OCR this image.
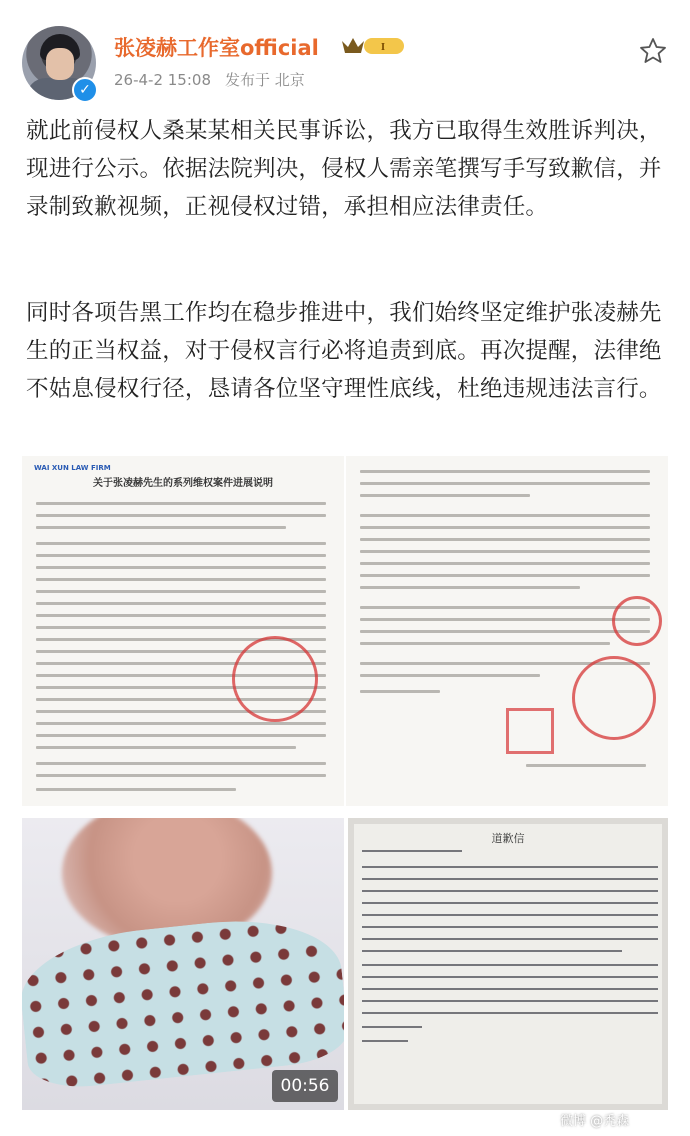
✓
张凌赫工作室official	I
26-4-2 15:08 发布于 北京
就此前侵权人桑某某相关民事诉讼，我方已取得生效胜诉判决，现进行公示。依据法院判决，侵权人需亲笔撰写手写致歉信，并录制致歉视频，正视侵权过错，承担相应法律责任。
同时各项告黑工作均在稳步推进中，我们始终坚定维护张凌赫先生的正当权益，对于侵权言行必将追责到底。再次提醒，法律绝不姑息侵权行径，恳请各位坚守理性底线，杜绝违规违法言行。
WAI XUN LAW FIRM
关于张凌赫先生的系列维权案件进展说明
00:56
道歉信
微博 @秃森
